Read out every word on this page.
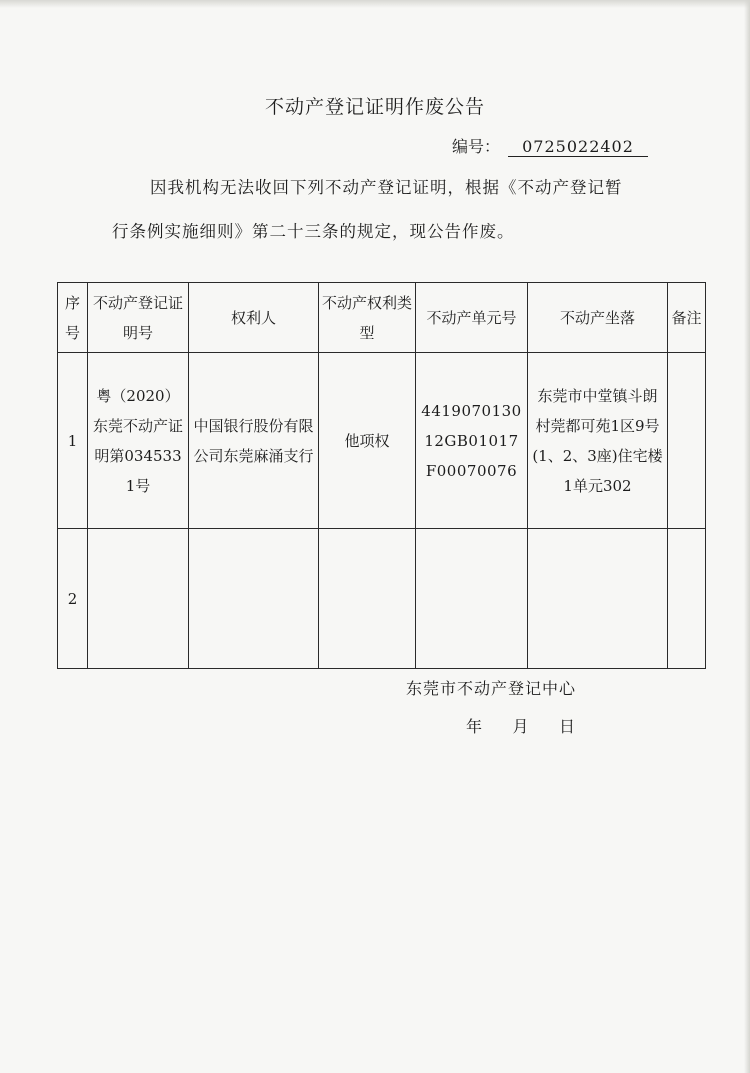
不动产登记证明作废公告
编号： 0725022402
因我机构无法收回下列不动产登记证明，根据《不动产登记暂
行条例实施细则》第二十三条的规定，现公告作废。
序号	不动产登记证明号	权利人	不动产权利类型	不动产单元号	不动产坐落	备注
1	粤（2020）东莞不动产证明第0345331号	中国银行股份有限公司东莞麻涌支行	他项权	441907013012GB01017F00070076	东莞市中堂镇斗朗村莞都可苑1区9号(1、2、3座)住宅楼1单元302	
2						
东莞市不动产登记中心
年      月      日
